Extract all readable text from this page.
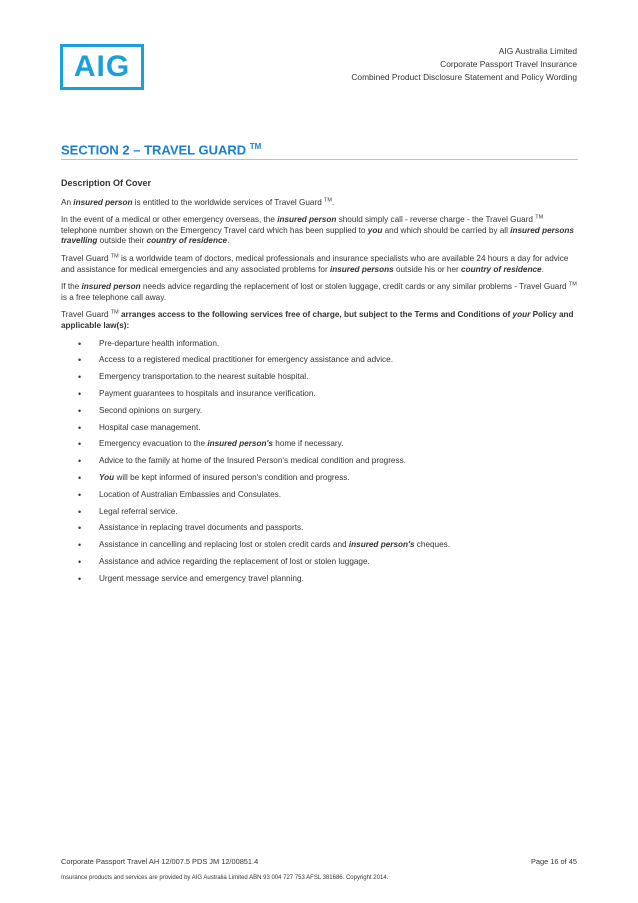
AIG	AIG Australia Limited
Corporate Passport Travel Insurance
Combined Product Disclosure Statement and Policy Wording
SECTION 2 – TRAVEL GUARD ™

Description Of Cover

An insured person is entitled to the worldwide services of Travel Guard ™.

In the event of a medical or other emergency overseas, the insured person should simply call - reverse charge - the Travel Guard ™ telephone number shown on the Emergency Travel card which has been supplied to you and which should be carried by all insured persons travelling outside their country of residence.

Travel Guard ™ is a worldwide team of doctors, medical professionals and insurance specialists who are available 24 hours a day for advice and assistance for medical emergencies and any associated problems for insured persons outside his or her country of residence.

If the insured person needs advice regarding the replacement of lost or stolen luggage, credit cards or any similar problems - Travel Guard ™ is a free telephone call away.

Travel Guard ™ arranges access to the following services free of charge, but subject to the Terms and Conditions of your Policy and applicable law(s):

• Pre-departure health information.
• Access to a registered medical practitioner for emergency assistance and advice.
• Emergency transportation to the nearest suitable hospital.
• Payment guarantees to hospitals and insurance verification.
• Second opinions on surgery.
• Hospital case management.
• Emergency evacuation to the insured person's home if necessary.
• Advice to the family at home of the Insured Person's medical condition and progress.
• You will be kept informed of insured person's condition and progress.
• Location of Australian Embassies and Consulates.
• Legal referral service.
• Assistance in replacing travel documents and passports.
• Assistance in cancelling and replacing lost or stolen credit cards and insured person's cheques.
• Assistance and advice regarding the replacement of lost or stolen luggage.
• Urgent message service and emergency travel planning.
Corporate Passport Travel AH 12/007.5 PDS JM 12/00851.4	Page 16 of 45
Insurance products and services are provided by AIG Australia Limited ABN 93 004 727 753 AFSL 381686. Copyright 2014.
